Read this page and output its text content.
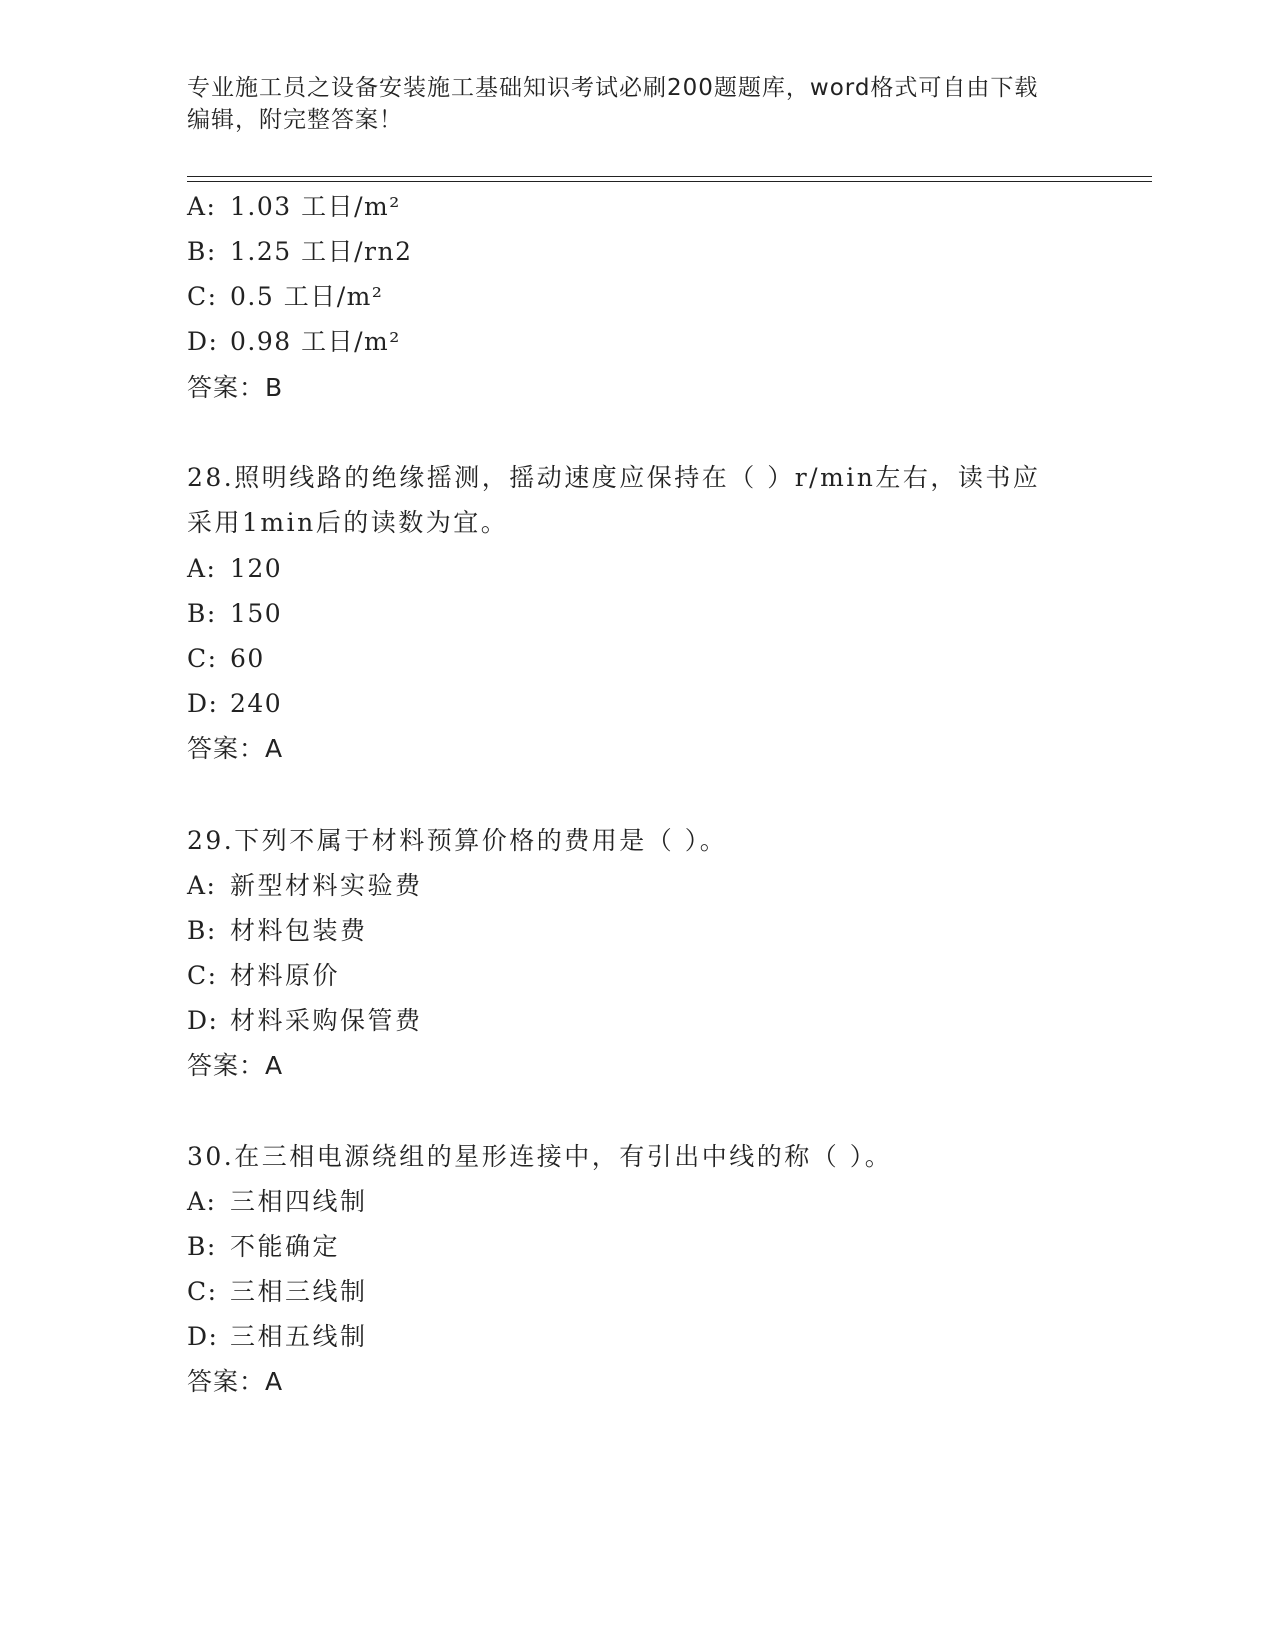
专业施工员之设备安装施工基础知识考试必刷200题题库，word格式可自由下载
编辑，附完整答案！
A: 1.03 工日/m²
B: 1.25 工日/rn2
C: 0.5 工日/m²
D: 0.98 工日/m²
答案：B
28.照明线路的绝缘摇测，摇动速度应保持在（ ）r/min左右，读书应
采用1min后的读数为宜。
A: 120
B: 150
C: 60
D: 240
答案：A
29.下列不属于材料预算价格的费用是（ ）。
A: 新型材料实验费
B: 材料包装费
C: 材料原价
D: 材料采购保管费
答案：A
30.在三相电源绕组的星形连接中，有引出中线的称（ ）。
A: 三相四线制
B: 不能确定
C: 三相三线制
D: 三相五线制
答案：A
